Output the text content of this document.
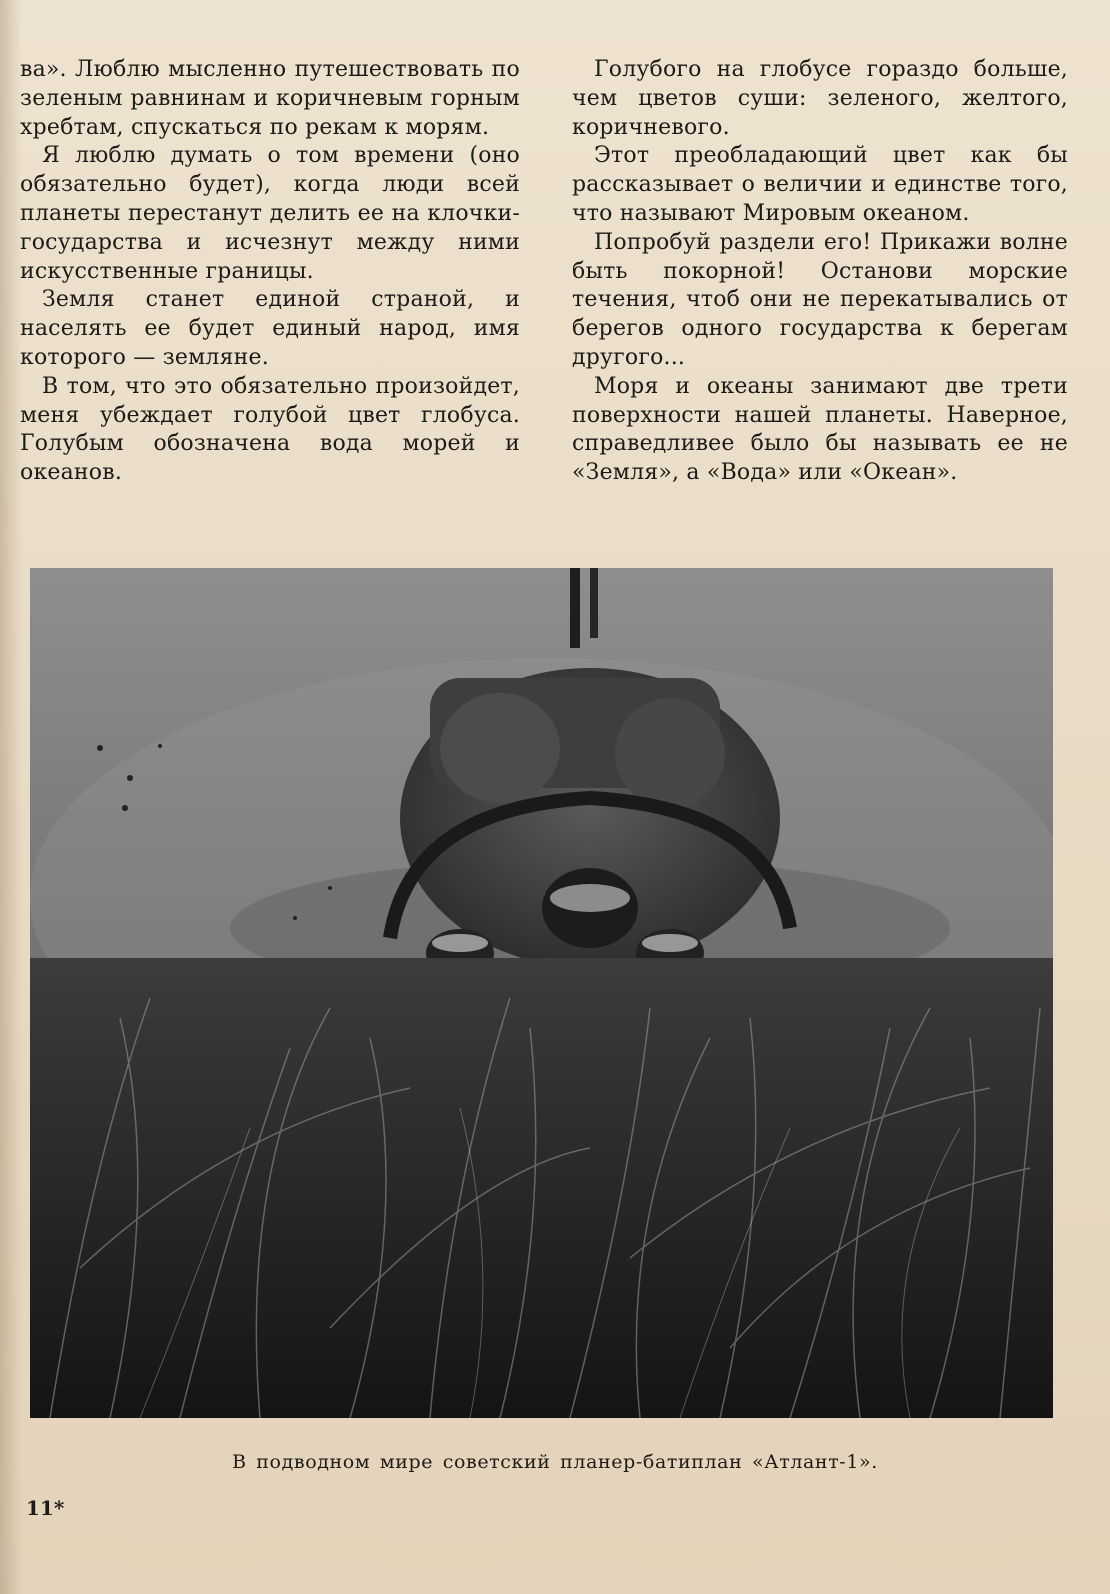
ва». Люблю мысленно путешествовать по зеленым равнинам и коричневым горным хребтам, спускаться по рекам к морям.

Я люблю думать о том времени (оно обязательно будет), когда люди всей планеты перестанут делить ее на клочки-государства и исчезнут между ними искусственные границы.

Земля станет единой страной, и населять ее будет единый народ, имя которого — земляне.

В том, что это обязательно произойдет, меня убеждает голубой цвет глобуса. Голубым обозначена вода морей и океанов.

Голубого на глобусе гораздо больше, чем цветов суши: зеленого, желтого, коричневого.

Этот преобладающий цвет как бы рассказывает о величии и единстве того, что называют Мировым океаном.

Попробуй раздели его! Прикажи волне быть покорной! Останови морские течения, чтоб они не перекатывались от берегов одного государства к берегам другого...

Моря и океаны занимают две трети поверхности нашей планеты. Наверное, справедливее было бы называть ее не «Земля», а «Вода» или «Океан».

В подводном мире советский планер-батиплан «Атлант-1».
11*
